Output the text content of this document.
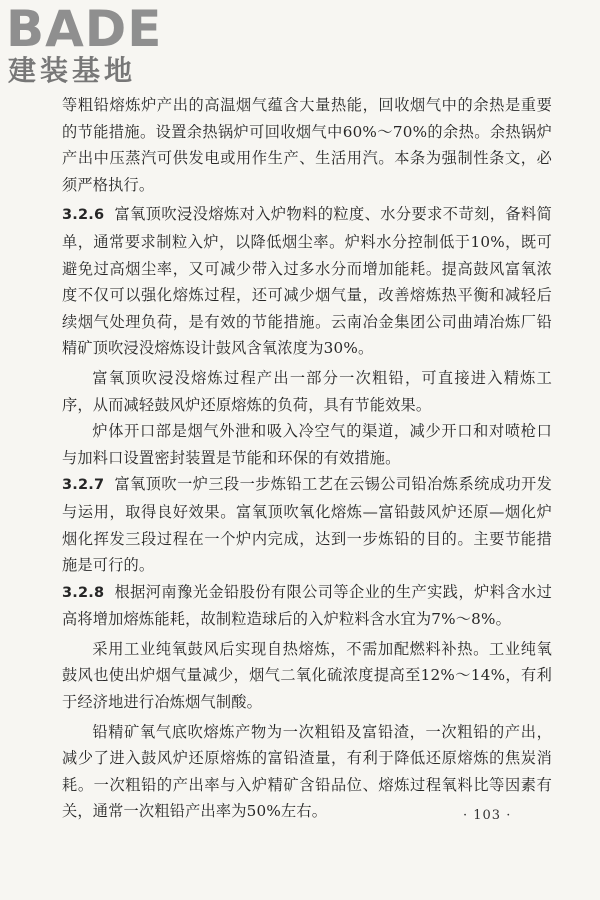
BADE
建装基地

等粗铅熔炼炉产出的高温烟气蕴含大量热能，回收烟气中的余热是重要的节能措施。设置余热锅炉可回收烟气中60%～70%的余热。余热锅炉产出中压蒸汽可供发电或用作生产、生活用汽。本条为强制性条文，必须严格执行。

3.2.6 富氧顶吹浸没熔炼对入炉物料的粒度、水分要求不苛刻，备料简单，通常要求制粒入炉，以降低烟尘率。炉料水分控制低于10%，既可避免过高烟尘率，又可减少带入过多水分而增加能耗。提高鼓风富氧浓度不仅可以强化熔炼过程，还可减少烟气量，改善熔炼热平衡和减轻后续烟气处理负荷，是有效的节能措施。云南冶金集团公司曲靖冶炼厂铅精矿顶吹浸没熔炼设计鼓风含氧浓度为30%。

富氧顶吹浸没熔炼过程产出一部分一次粗铅，可直接进入精炼工序，从而减轻鼓风炉还原熔炼的负荷，具有节能效果。

炉体开口部是烟气外泄和吸入冷空气的渠道，减少开口和对喷枪口与加料口设置密封装置是节能和环保的有效措施。

3.2.7 富氧顶吹一炉三段一步炼铅工艺在云锡公司铅冶炼系统成功开发与运用，取得良好效果。富氧顶吹氧化熔炼—富铅鼓风炉还原—烟化炉烟化挥发三段过程在一个炉内完成，达到一步炼铅的目的。主要节能措施是可行的。

3.2.8 根据河南豫光金铅股份有限公司等企业的生产实践，炉料含水过高将增加熔炼能耗，故制粒造球后的入炉粒料含水宜为7%～8%。

采用工业纯氧鼓风后实现自热熔炼，不需加配燃料补热。工业纯氧鼓风也使出炉烟气量减少，烟气二氧化硫浓度提高至12%～14%，有利于经济地进行冶炼烟气制酸。

铅精矿氧气底吹熔炼产物为一次粗铅及富铅渣，一次粗铅的产出，减少了进入鼓风炉还原熔炼的富铅渣量，有利于降低还原熔炼的焦炭消耗。一次粗铅的产出率与入炉精矿含铅品位、熔炼过程氧料比等因素有关，通常一次粗铅产出率为50%左右。	· 103 ·
